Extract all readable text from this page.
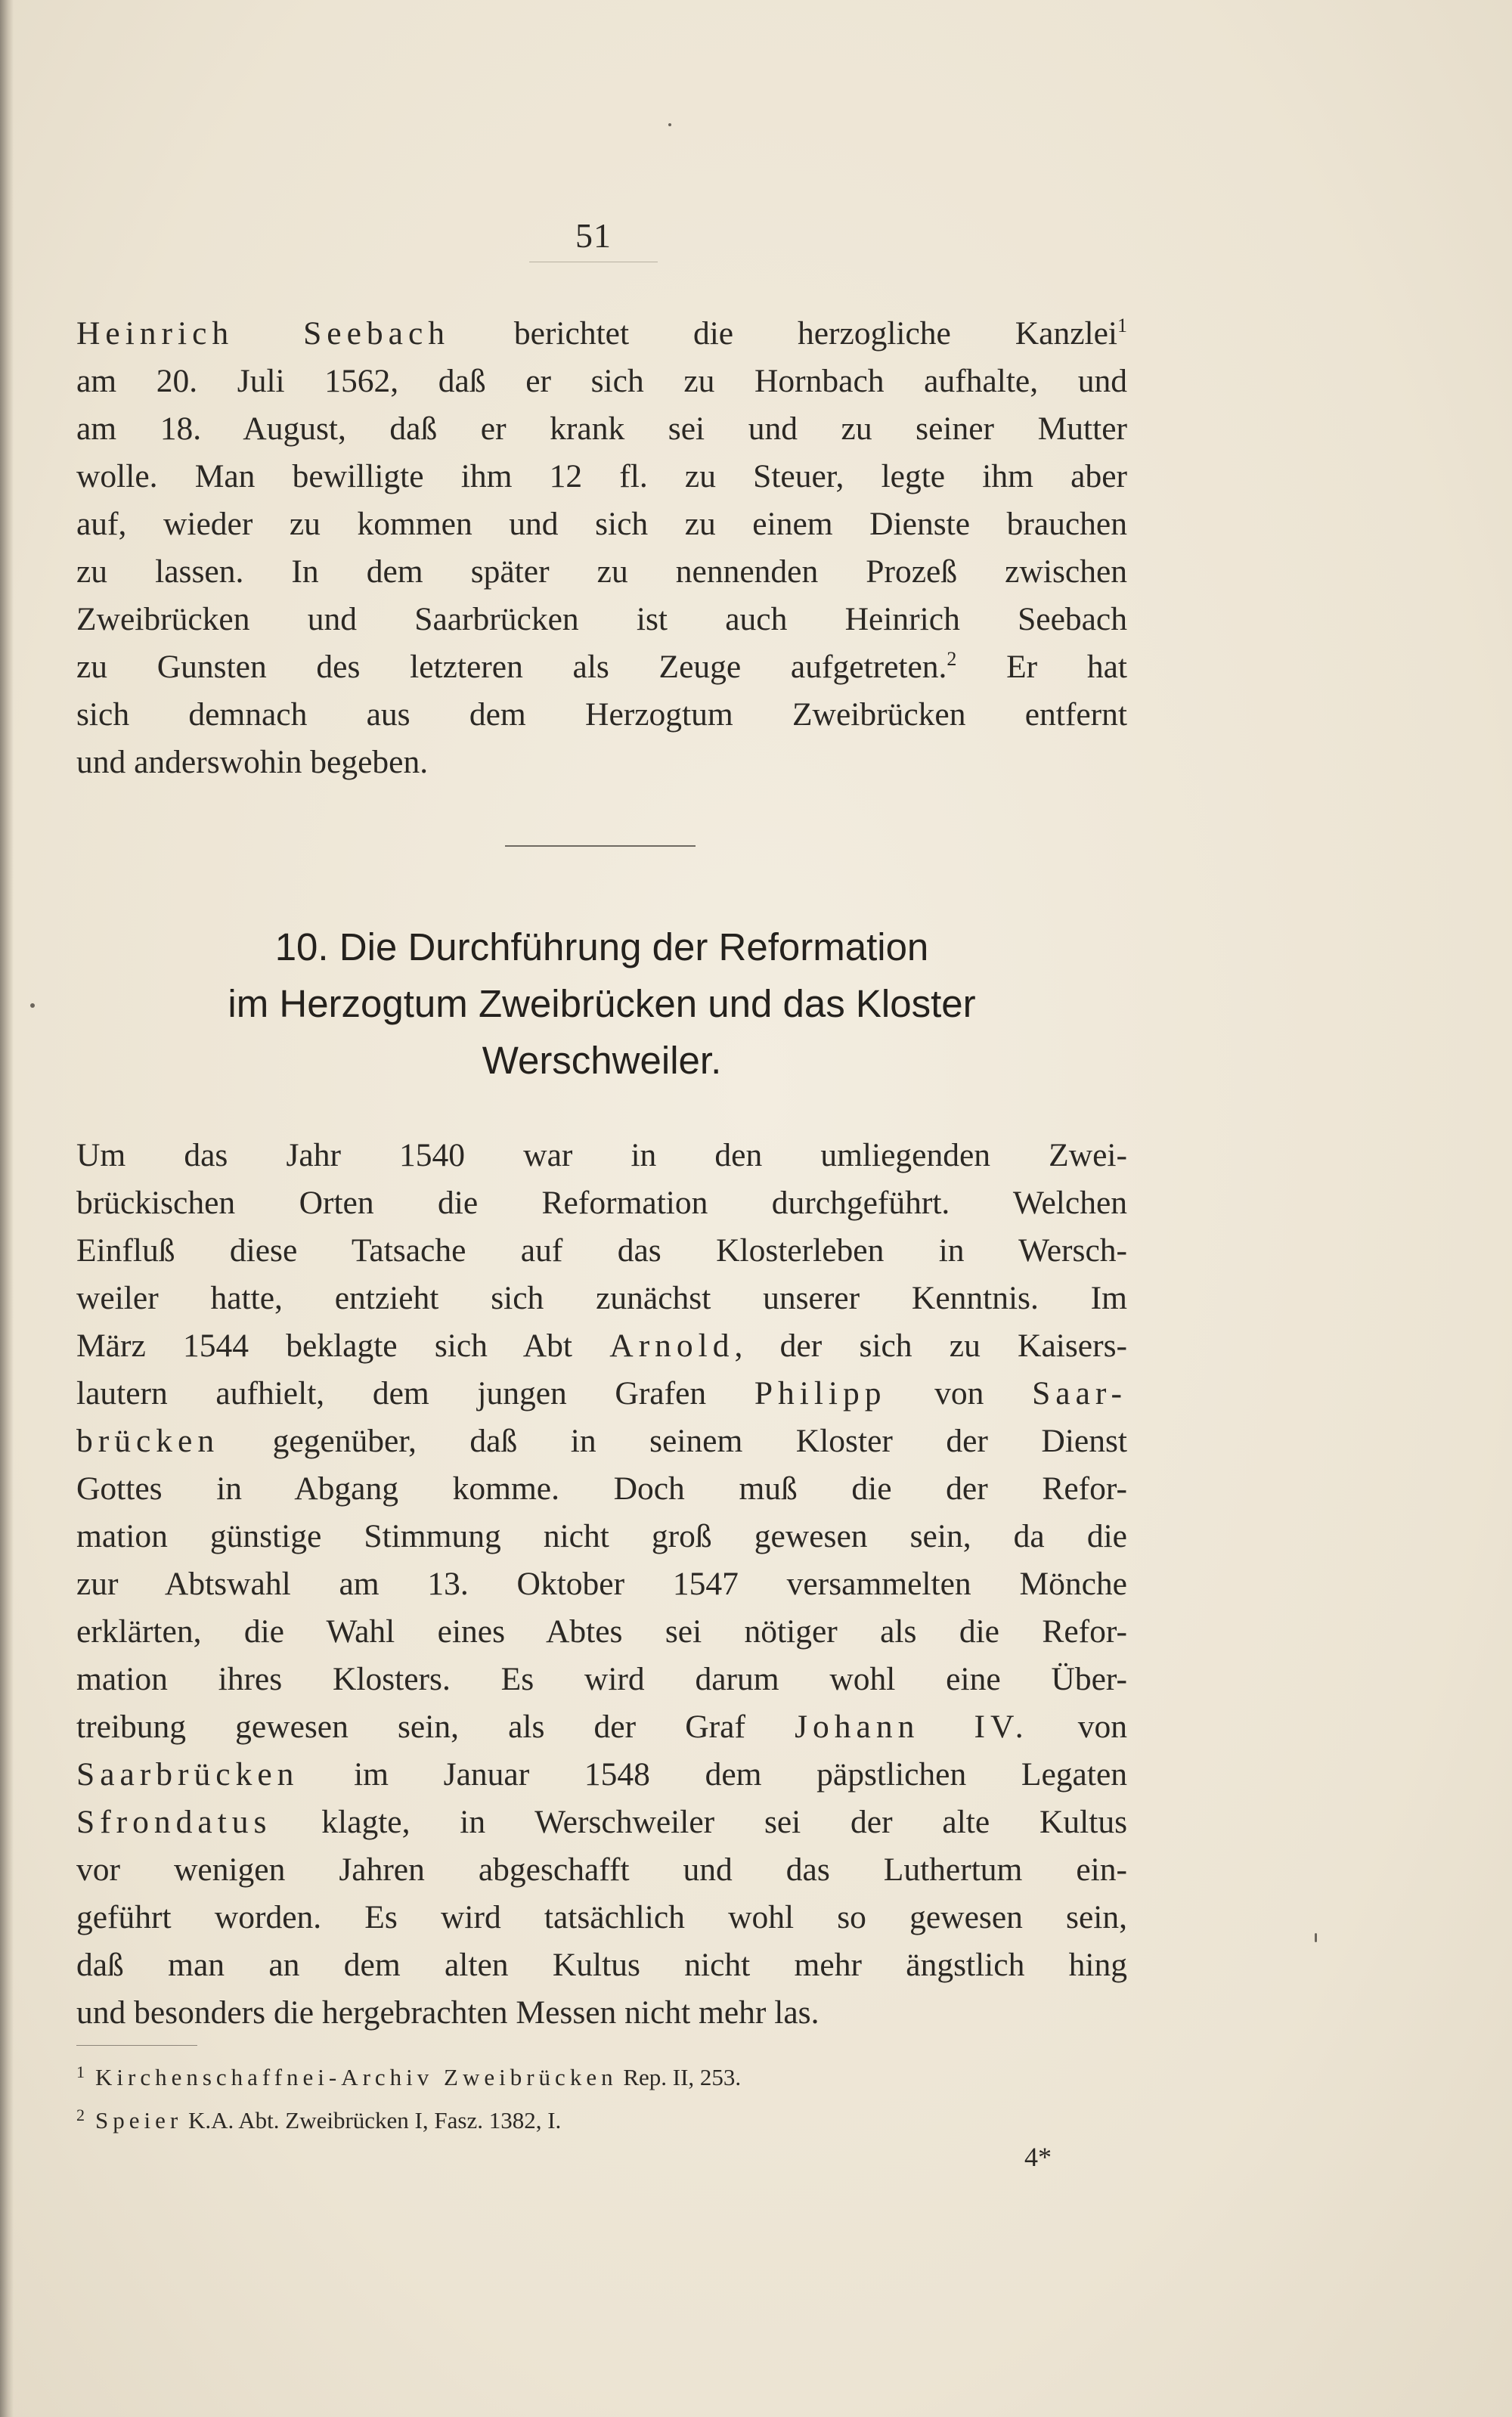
51
Heinrich Seebach berichtet die herzogliche Kanzlei$^1$
am 20. Juli 1562, daß er sich zu Hornbach aufhalte, und
am 18. August, daß er krank sei und zu seiner Mutter
wolle. Man bewilligte ihm 12 fl. zu Steuer, legte ihm aber
auf, wieder zu kommen und sich zu einem Dienste brauchen
zu lassen. In dem später zu nennenden Prozeß zwischen
Zweibrücken und Saarbrücken ist auch Heinrich Seebach
zu Gunsten des letzteren als Zeuge aufgetreten.$^2$ Er hat
sich demnach aus dem Herzogtum Zweibrücken entfernt
und anderswohin begeben.
10. Die Durchführung der Reformation
im Herzogtum Zweibrücken und das Kloster
Werschweiler.
Um das Jahr 1540 war in den umliegenden Zwei-
brückischen Orten die Reformation durchgeführt. Welchen
Einfluß diese Tatsache auf das Klosterleben in Wersch-
weiler hatte, entzieht sich zunächst unserer Kenntnis. Im
März 1544 beklagte sich Abt Arnold, der sich zu Kaisers-
lautern aufhielt, dem jungen Grafen Philipp von Saar-
brücken gegenüber, daß in seinem Kloster der Dienst
Gottes in Abgang komme. Doch muß die der Refor-
mation günstige Stimmung nicht groß gewesen sein, da die
zur Abtswahl am 13. Oktober 1547 versammelten Mönche
erklärten, die Wahl eines Abtes sei nötiger als die Refor-
mation ihres Klosters. Es wird darum wohl eine Über-
treibung gewesen sein, als der Graf Johann IV. von
Saarbrücken im Januar 1548 dem päpstlichen Legaten
Sfrondatus klagte, in Werschweiler sei der alte Kultus
vor wenigen Jahren abgeschafft und das Luthertum ein-
geführt worden. Es wird tatsächlich wohl so gewesen sein,
daß man an dem alten Kultus nicht mehr ängstlich hing
und besonders die hergebrachten Messen nicht mehr las.
$^1$ Kirchenschaffnei-Archiv Zweibrücken Rep. II, 253.
$^2$ Speier K.A. Abt. Zweibrücken I, Fasz. 1382, I.
4*
